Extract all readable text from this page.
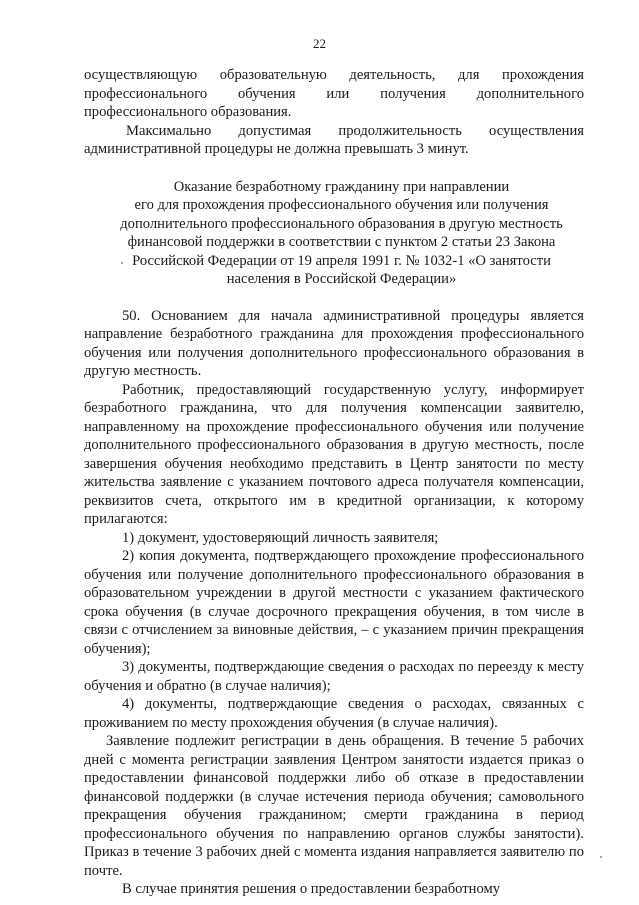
22

осуществляющую образовательную деятельность, для прохождения профессионального обучения или получения дополнительного профессионального образования.

Максимально допустимая продолжительность осуществления административной процедуры не должна превышать 3 минут.

Оказание безработному гражданину при направлении
его для прохождения профессионального обучения или получения
дополнительного профессионального образования в другую местность
финансовой поддержки в соответствии с пунктом 2 статьи 23 Закона
Российской Федерации от 19 апреля 1991 г. № 1032-1 «О занятости
населения в Российской Федерации»

50. Основанием для начала административной процедуры является направление безработного гражданина для прохождения профессионального обучения или получения дополнительного профессионального образования в другую местность.

Работник, предоставляющий государственную услугу, информирует безработного гражданина, что для получения компенсации заявителю, направленному на прохождение профессионального обучения или получение дополнительного профессионального образования в другую местность, после завершения обучения необходимо представить в Центр занятости по месту жительства заявление с указанием почтового адреса получателя компенсации, реквизитов счета, открытого им в кредитной организации, к которому прилагаются:

1) документ, удостоверяющий личность заявителя;

2) копия документа, подтверждающего прохождение профессионального обучения или получение дополнительного профессионального образования в образовательном учреждении в другой местности с указанием фактического срока обучения (в случае досрочного прекращения обучения, в том числе в связи с отчислением за виновные действия, – с указанием причин прекращения обучения);

3) документы, подтверждающие сведения о расходах по переезду к месту обучения и обратно (в случае наличия);

4) документы, подтверждающие сведения о расходах, связанных с проживанием по месту прохождения обучения (в случае наличия).

Заявление подлежит регистрации в день обращения. В течение 5 рабочих дней с момента регистрации заявления Центром занятости издается приказ о предоставлении финансовой поддержки либо об отказе в предоставлении финансовой поддержки (в случае истечения периода обучения; самовольного прекращения обучения гражданином; смерти гражданина в период профессионального обучения по направлению органов службы занятости). Приказ в течение 3 рабочих дней с момента издания направляется заявителю по почте.

В случае принятия решения о предоставлении безработному
